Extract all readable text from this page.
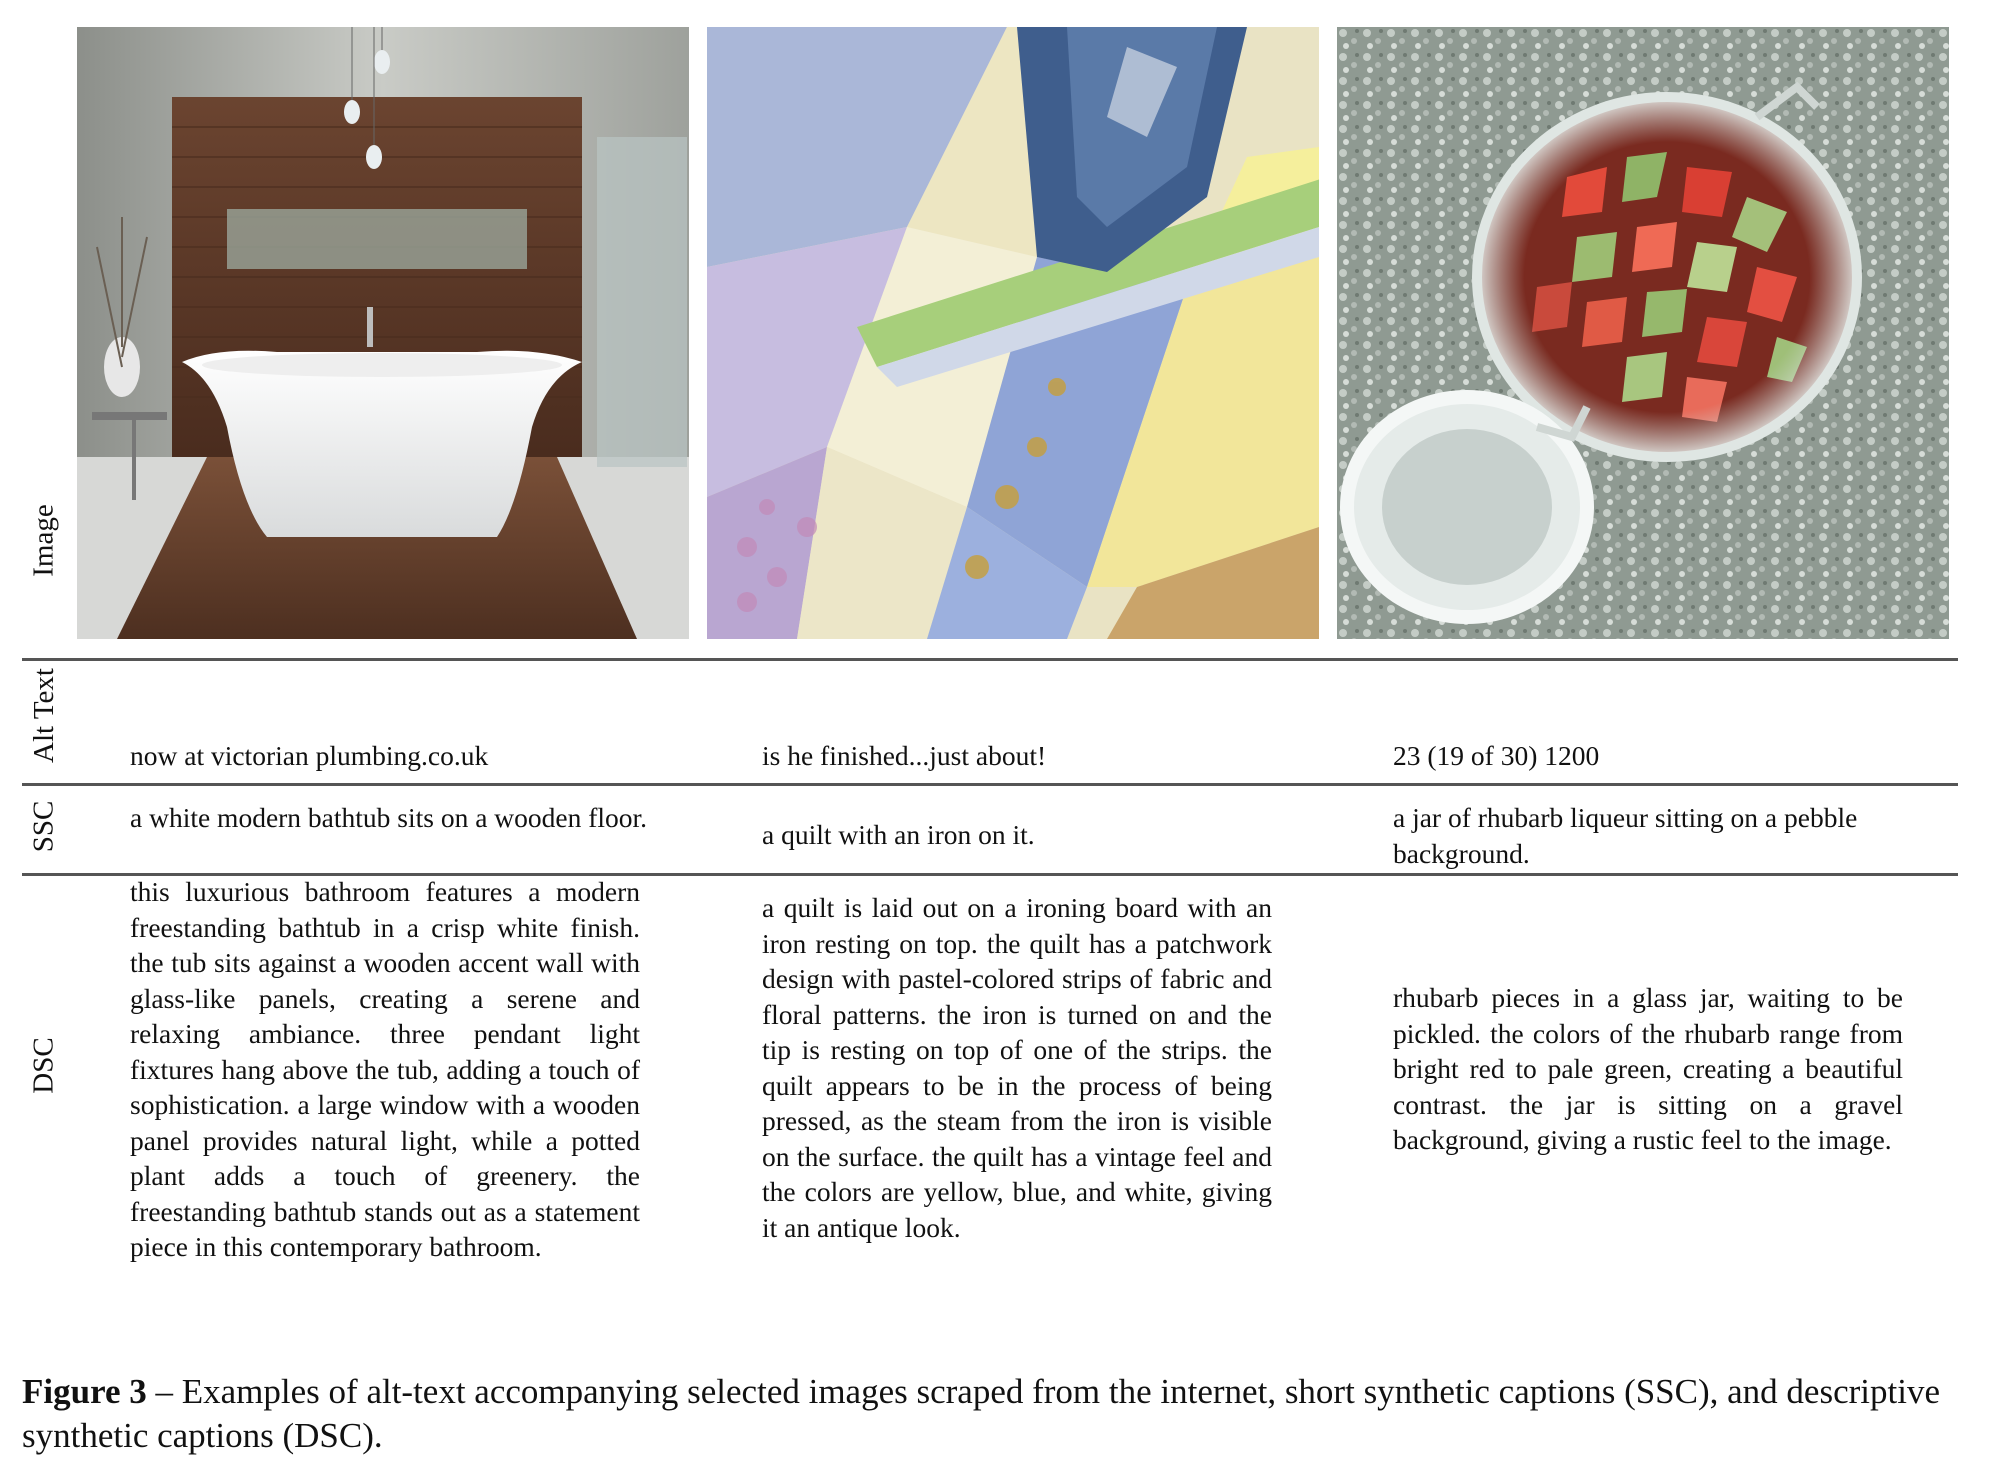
Image
Alt Text
SSC
DSC
now at victorian plumbing.co.uk	is he finished...just about!	23 (19 of 30) 1200
a white modern bathtub sits on a wooden floor.
a quilt with an iron on it.
a jar of rhubarb liqueur sitting on a pebble background.
this luxurious bathroom features a modern freestanding bathtub in a crisp white finish. the tub sits against a wooden accent wall with glass-like panels, creating a serene and relaxing ambiance. three pendant light fixtures hang above the tub, adding a touch of sophistication. a large window with a wooden panel provides natural light, while a potted plant adds a touch of greenery. the freestanding bathtub stands out as a statement piece in this contemporary bathroom.
a quilt is laid out on a ironing board with an iron resting on top. the quilt has a patchwork design with pastel-colored strips of fabric and floral patterns. the iron is turned on and the tip is resting on top of one of the strips. the quilt appears to be in the process of being pressed, as the steam from the iron is visible on the surface. the quilt has a vintage feel and the colors are yellow, blue, and white, giving it an antique look.
rhubarb pieces in a glass jar, waiting to be pickled. the colors of the rhubarb range from bright red to pale green, creating a beautiful contrast. the jar is sitting on a gravel background, giving a rustic feel to the image.
Figure 3 – Examples of alt-text accompanying selected images scraped from the internet, short synthetic captions (SSC), and descriptive synthetic captions (DSC).
